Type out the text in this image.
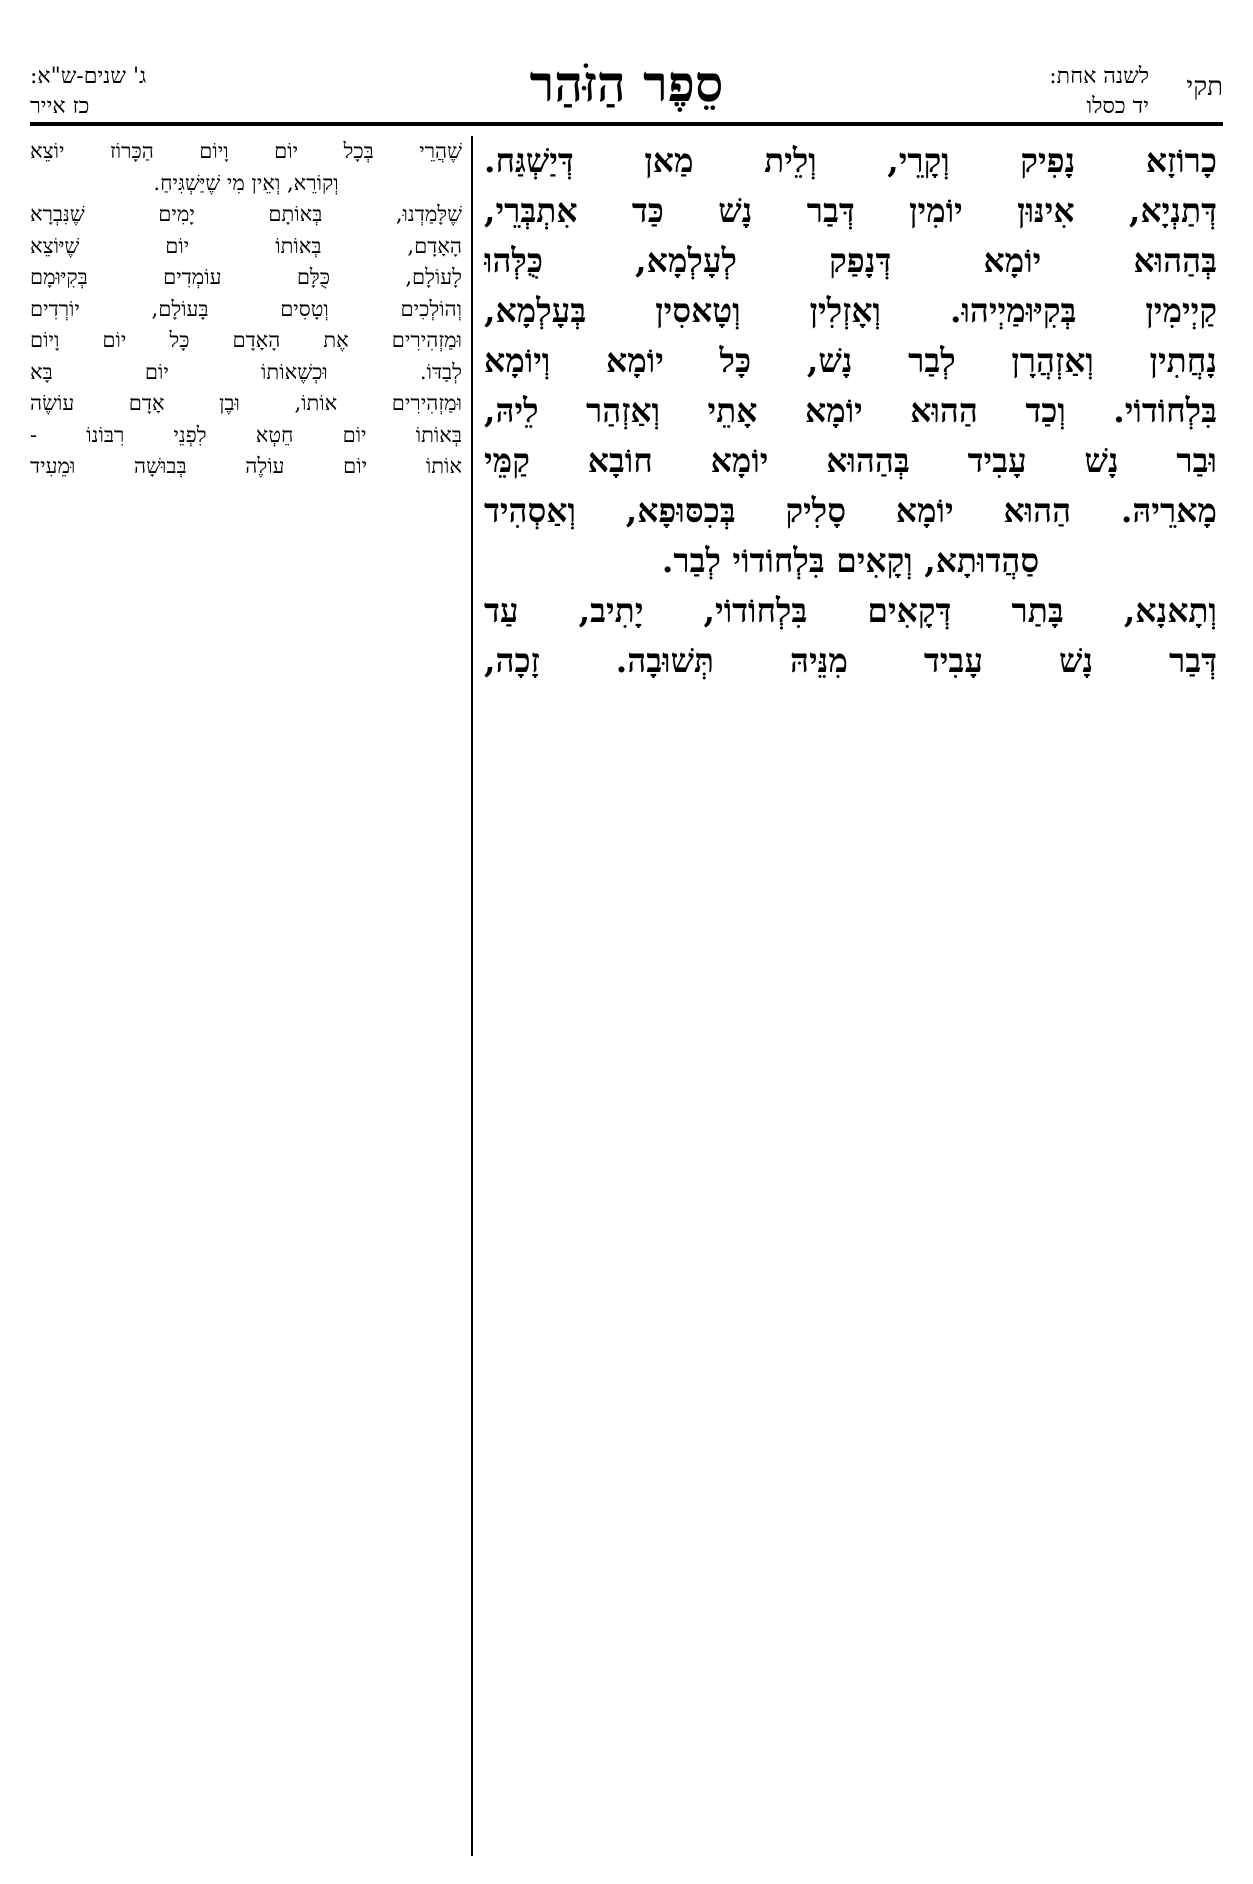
תקי
לשנה אחת:
יד כסלו
סֵפֶר הַזֹּהַר
ג' שנים-ש"א:
כז אייר
כָרוֹזָא נָפִיק וְקָרֵי, וְלֵית מַאן דְּיַשְׁגַּח.
דְּתַנְיָא, אִינּוּן יוֹמִין דְּבַר נָשׁ כַּד אִתְבְּרֵי,
בְּהַהוּא יוֹמָא דְּנָפַק לְעָלְמָא, כֻּלְּהוּ
קַיְימִין בְּקִיּוּמַיְיהוּ. וְאָזְלִין וְטָאסִין בְּעָלְמָא,
נָחֲתִין וְאַזְהֲרָן לְבַר נָשׁ, כָּל יוֹמָא וְיוֹמָא
בִּלְחוֹדוֹי. וְכַד הַהוּא יוֹמָא אָתֵי וְאַזְהַר לֵיהּ,
וּבַר נָשׁ עָבִיד בְּהַהוּא יוֹמָא חוֹבָא קַמֵּי
מָארֵיהּ. הַהוּא יוֹמָא סָלִיק בְּכִסּוּפָא, וְאַסְהִיד
סַהֲדוּתָא, וְקָאִים בִּלְחוֹדוֹי לְבַר.
וְתָאנָא, בָּתַר דְּקָאִים בִּלְחוֹדוֹי, יָתִיב, עַד
דְּבַר נָשׁ עָבִיד מִנֵּיהּ תְּשׁוּבָה. זָכָה,
שֶׁהֲרֵי בְּכָל יוֹם וָיוֹם הַכָּרוֹז יוֹצֵא
וְקוֹרֵא, וְאֵין מִי שֶׁיַּשְׁגִּיחַ.
שֶׁלָּמַדְנוּ, בְּאוֹתָם יָמִים שֶׁנִּבְרָא
הָאָדָם, בְּאוֹתוֹ יוֹם שֶׁיּוֹצֵא
לָעוֹלָם, כֻּלָּם עוֹמְדִים בְּקִיּוּמָם
וְהוֹלְכִים וְטָסִים בָּעוֹלָם, יוֹרְדִים
וּמַזְהִירִים אֶת הָאָדָם כָּל יוֹם וָיוֹם
לְבַדּוֹ. וּכְשֶׁאוֹתוֹ יוֹם בָּא
וּמַזְהִירִים אוֹתוֹ, וּבֶן אָדָם עוֹשֶׂה
בְּאוֹתוֹ יוֹם חֵטְא לִפְנֵי רִבּוֹנוֹ -
אוֹתוֹ יוֹם עוֹלֶה בְּבוּשָׁה וּמֵעִיד
